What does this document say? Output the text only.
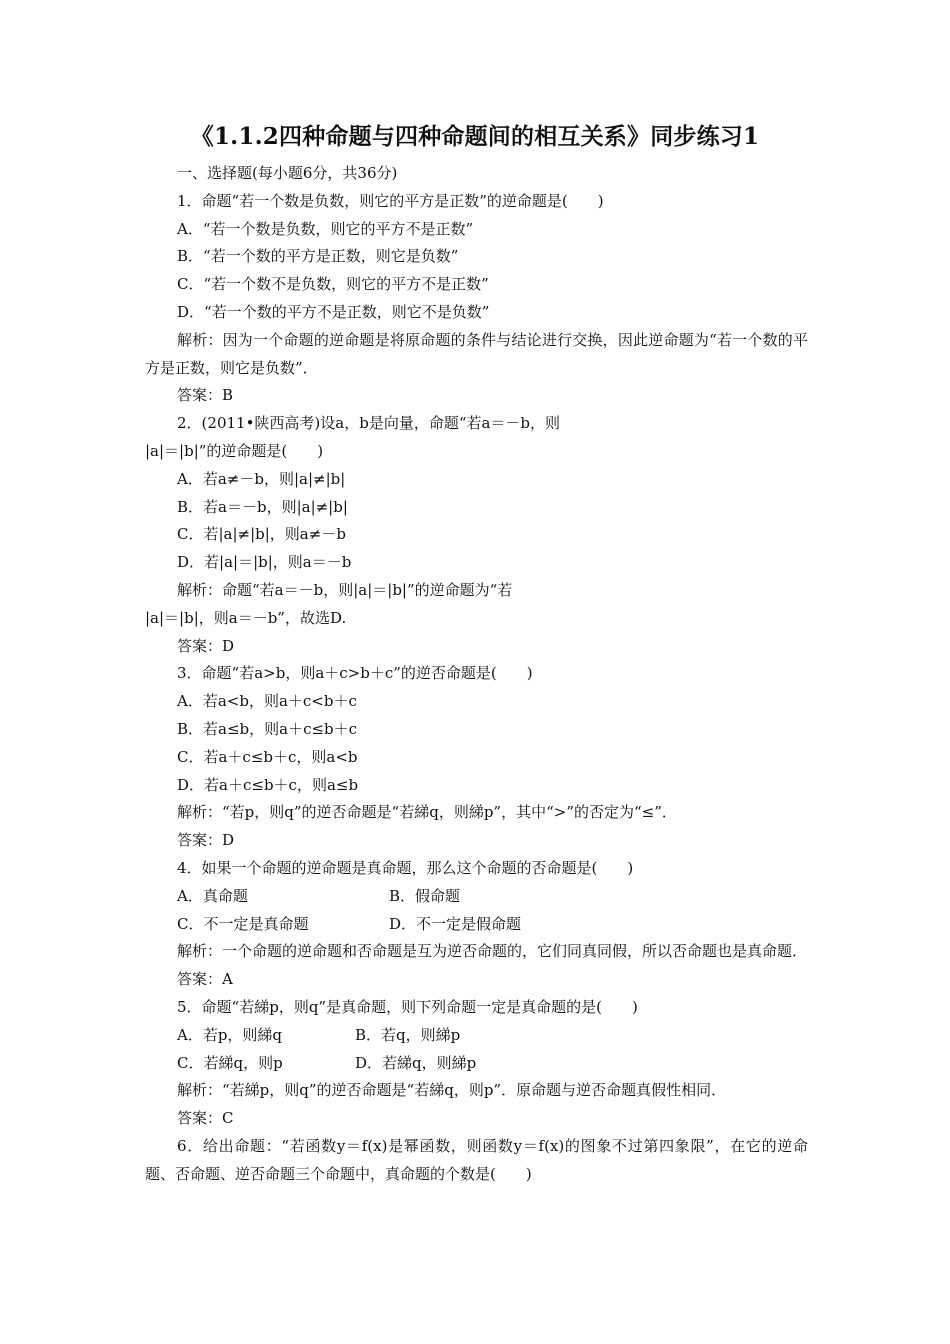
《1.1.2四种命题与四种命题间的相互关系》同步练习1
一、选择题(每小题6分，共36分)
1．命题“若一个数是负数，则它的平方是正数”的逆命题是(　　)
A．“若一个数是负数，则它的平方不是正数”
B．“若一个数的平方是正数，则它是负数”
C．“若一个数不是负数，则它的平方不是正数”
D．“若一个数的平方不是正数，则它不是负数”
解析：因为一个命题的逆命题是将原命题的条件与结论进行交换，因此逆命题为“若一个数的平方是正数，则它是负数”．
答案：B
2．(2011•陕西高考)设a，b是向量，命题“若a＝－b，则
|a|＝|b|”的逆命题是(　　)
A．若a≠－b，则|a|≠|b|
B．若a＝－b，则|a|≠|b|
C．若|a|≠|b|，则a≠－b
D．若|a|＝|b|，则a＝－b
解析：命题“若a＝－b，则|a|＝|b|”的逆命题为“若
|a|＝|b|，则a＝－b”，故选D.
答案：D
3．命题“若a>b，则a＋c>b＋c”的逆否命题是(　　)
A．若a<b，则a＋c<b＋c
B．若a≤b，则a＋c≤b＋c
C．若a＋c≤b＋c，则a<b
D．若a＋c≤b＋c，则a≤b
解析：“若p，则q”的逆否命题是“若綈q，则綈p”，其中“>”的否定为“≤”．
答案：D
4．如果一个命题的逆命题是真命题，那么这个命题的否命题是(　　)
A．真命题	B．假命题
C．不一定是真命题	D．不一定是假命题
解析：一个命题的逆命题和否命题是互为逆否命题的，它们同真同假，所以否命题也是真命题．
答案：A
5．命题“若綈p，则q”是真命题，则下列命题一定是真命题的是(　　)
A．若p，则綈q	B．若q，则綈p
C．若綈q，则p	D．若綈q，则綈p
解析：“若綈p，则q”的逆否命题是“若綈q，则p”．原命题与逆否命题真假性相同．
答案：C
6．给出命题：“若函数y＝f(x)是幂函数，则函数y＝f(x)的图象不过第四象限”，在它的逆命题、否命题、逆否命题三个命题中，真命题的个数是(　　)
